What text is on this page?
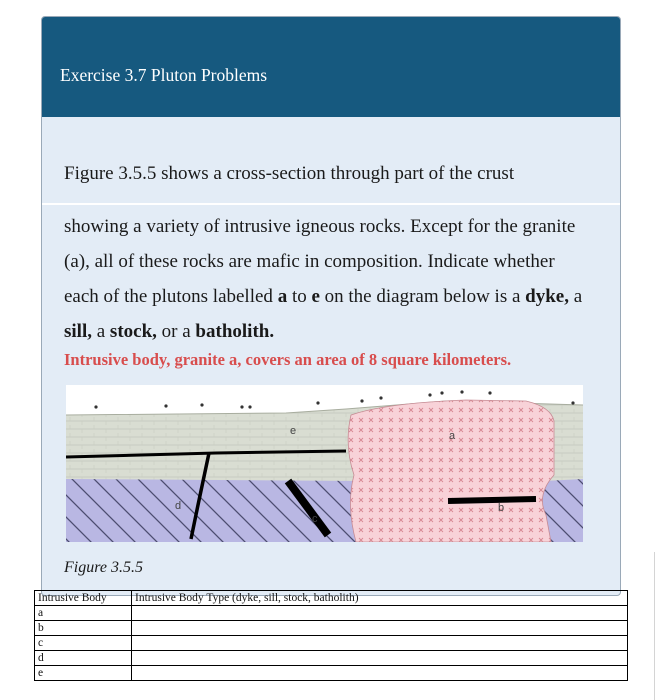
Exercise 3.7 Pluton Problems

Figure 3.5.5 shows a cross-section through part of the crust

showing a variety of intrusive igneous rocks. Except for the granite (a), all of these rocks are mafic in composition. Indicate whether each of the plutons labelled a to e on the diagram below is a dyke, a sill, a stock, or a batholith.

Intrusive body, granite a, covers an area of 8 square kilometers.

a
b
c
d
e

Figure 3.5.5

Intrusive Body	Intrusive Body Type (dyke, sill, stock, batholith)
a	
b	
c	
d	
e	
